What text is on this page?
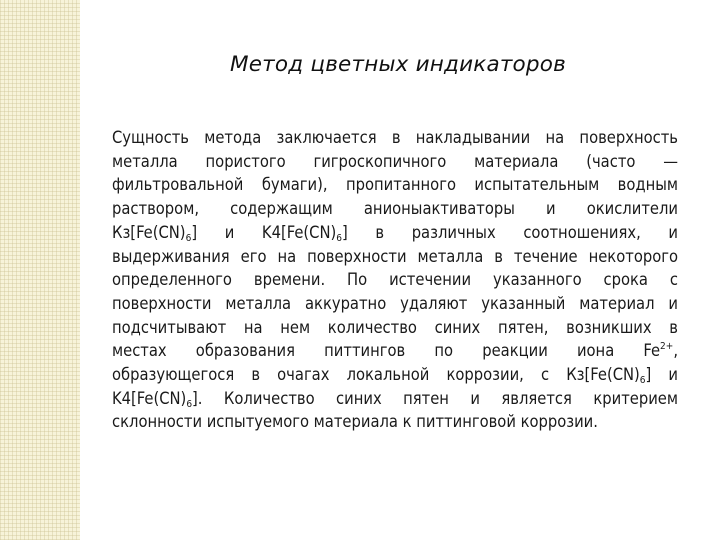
Метод цветных индикаторов
Сущность метода заключается в накладывании на поверхность
металла пористого гигроскопичного материала (часто —
фильтровальной бумаги), пропитанного испытательным водным
раствором, содержащим анионыактиваторы и окислители
$Кз[Fe(CN)_6]$ и $K4[Fe(CN)_6]$ в различных соотношениях, и
выдерживания его на поверхности металла в течение некоторого
определенного времени. По истечении указанного срока с
поверхности металла аккуратно удаляют указанный материал и
подсчитывают на нем количество синих пятен, возникших в
местах образования питтингов по реакции иона $Fe^{2+}$,
образующегося в очагах локальной коррозии, с $Кз[Fe(CN)_6]$ и
$K4[Fe(CN)_6]$. Количество синих пятен и является критерием
склонности испытуемого материала к питтинговой коррозии.
